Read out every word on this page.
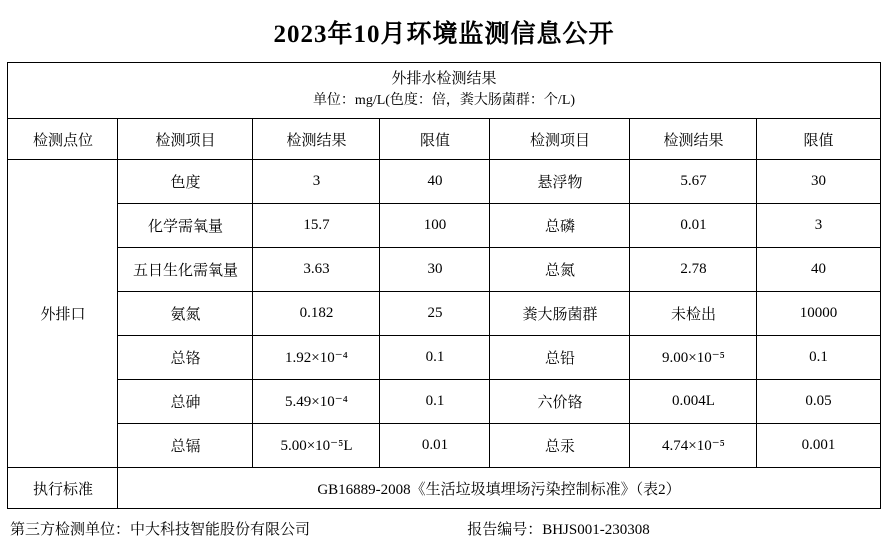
2023年10月环境监测信息公开
外排水检测结果
单位：mg/L(色度：倍，粪大肠菌群：个/L)						

检测点位	检测项目	检测结果	限值	检测项目	检测结果	限值
外排口	色度	3	40	悬浮物	5.67	30
	化学需氧量	15.7	100	总磷	0.01	3
	五日生化需氧量	3.63	30	总氮	2.78	40
	氨氮	0.182	25	粪大肠菌群	未检出	10000
	总铬	1.92×10⁻⁴	0.1	总铅	9.00×10⁻⁵	0.1
	总砷	5.49×10⁻⁴	0.1	六价铬	0.004L	0.05
	总镉	5.00×10⁻⁵L	0.01	总汞	4.74×10⁻⁵	0.001
执行标准	GB16889-2008《生活垃圾填埋场污染控制标准》（表2）					
第三方检测单位：中大科技智能股份有限公司	报告编号：BHJS001-230308
